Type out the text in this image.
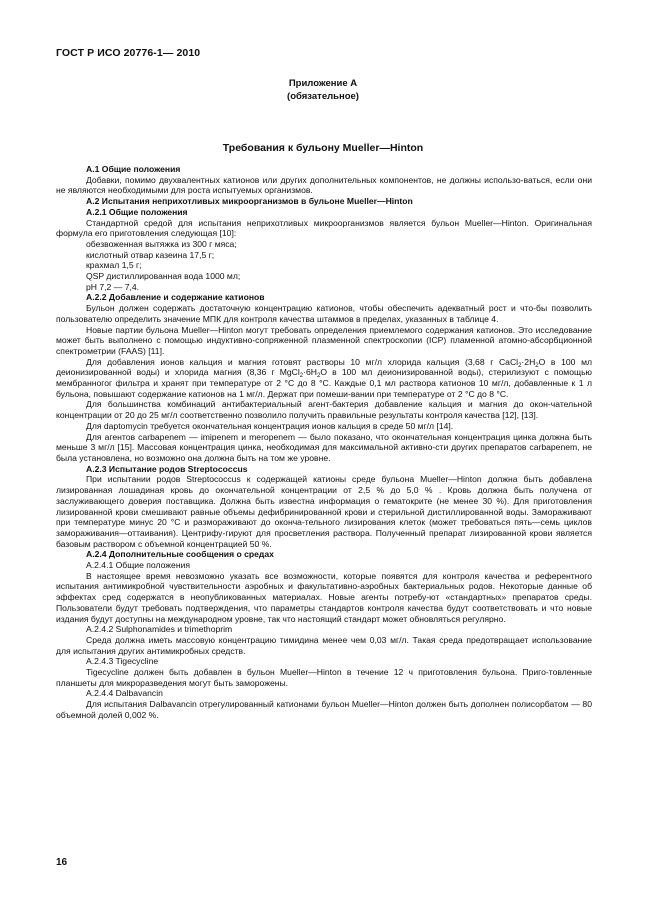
ГОСТ Р ИСО 20776-1— 2010
Приложение A
(обязательное)
Требования к бульону Mueller—Hinton

A.1 Общие положения

Добавки, помимо двухвалентных катионов или других дополнительных компонентов, не должны использо-ваться, если они не являются необходимыми для роста испытуемых организмов.

A.2 Испытания неприхотливых микроорганизмов в бульоне Mueller—Hinton

A.2.1 Общие положения

Стандартной средой для испытания неприхотливых микроорганизмов является бульон Mueller—Hinton. Оригинальная формула его приготовления следующая [10]:

обезвоженная вытяжка из 300 г мяса;

кислотный отвар казеина 17,5 г;

крахмал 1,5 г;

QSP дистиллированная вода 1000 мл;

pH 7,2 — 7,4.

A.2.2 Добавление и содержание катионов

Бульон должен содержать достаточную концентрацию катионов, чтобы обеспечить адекватный рост и что-бы позволить пользователю определить значение МПК для контроля качества штаммов в пределах, указанных в таблице 4.

Новые партии бульона Mueller—Hinton могут требовать определения приемлемого содержания катионов. Это исследование может быть выполнено с помощью индуктивно-сопряженной плазменной спектроскопии (ICP) пламенной атомно-абсорбционной спектрометрии (FAAS) [11].

Для добавления ионов кальция и магния готовят растворы 10 мг/л хлорида кальция (3,68 г $CaCl_2\cdot 2H_2O$ в 100 мл деионизированной воды) и хлорида магния (8,36 г $MgCl_2\cdot 6H_2O$ в 100 мл деионизированной воды), стерилизуют с помощью мембранногог фильтра и хранят при температуре от 2 °С до 8 °С. Каждые 0,1 мл раствора катионов 10 мг/л, добавленные к 1 л бульона, повышают содержание катионов на 1 мг/л. Держат при помеши-вании при температуре от 2 °С до 8 °С.

Для большинства комбинаций антибактериальный агент-бактерия добавление кальция и магния до окон-чательной концентрации от 20 до 25 мг/л соответственно позволило получить правильные результаты контроля качества [12], [13].

Для daptomycin требуется окончательная концентрация ионов кальция в среде 50 мг/л [14].

Для агентов carbapenem — imipenem и meropenem — было показано, что окончательная концентрация цинка должна быть меньше 3 мг/л [15]. Массовая концентрация цинка, необходимая для максимальной активно-сти других препаратов carbapenem, не была установлена, но возможно она должна быть на том же уровне.

A.2.3 Испытание родов Streptococcus

При испытании родов Streptococcus к содержащей катионы среде бульона Mueller—Hinton должна быть добавлена лизированная лошадиная кровь до окончательной концентрации от 2,5 % до 5,0 % . Кровь должна быть получена от заслуживающего доверия поставщика. Должна быть известна информация о гематокрите (не менее 30 %). Для приготовления лизированной крови смешивают равные объемы дефибринированной крови и стерильной дистиллированной воды. Замораживают при температуре минус 20 °С и размораживают до оконча-тельного лизирования клеток (может требоваться пять—семь циклов замораживания—оттаивания). Центрифу-гируют для просветления раствора. Полученный препарат лизированной крови является базовым раствором с объемной концентрацией 50 %.

A.2.4 Дополнительные сообщения о средах

A.2.4.1 Общие положения

В настоящее время невозможно указать все возможности, которые появятся для контроля качества и референтного испытания антимикробной чувствительности аэробных и факультативно-аэробных бактериальных родов. Некоторые данные об эффектах сред содержатся в неопубликованных материалах. Новые агенты потребу-ют «стандартных» препаратов среды. Пользователи будут требовать подтверждения, что параметры стандартов контроля качества будут соответствовать и что новые издания будут доступны на международном уровне, так что настоящий стандарт может обновляться регулярно.

A.2.4.2 Sulphonamides и trimethoprim

Среда должна иметь массовую концентрацию тимидина менее чем 0,03 мг/л. Такая среда предотвращает использование для испытания других антимикробных средств.

A.2.4.3 Tigecycline

Tigecycline должен быть добавлен в бульон Mueller—Hinton в течение 12 ч приготовления бульона. Приго-товленные планшеты для микроразведения могут быть заморожены.

A.2.4.4 Dalbavancin

Для испытания Dalbavancin отрегулированный катионами бульон Mueller—Hinton должен быть дополнен полисорбатом — 80 объемной долей 0,002 %.

16
